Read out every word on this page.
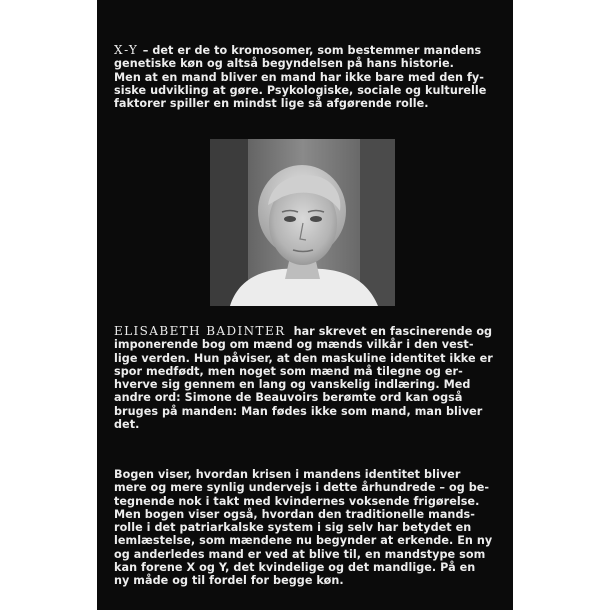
X-Y – det er de to kromosomer, som bestemmer mandens
genetiske køn og altså begyndelsen på hans historie.
Men at en mand bliver en mand har ikke bare med den fy-
siske udvikling at gøre. Psykologiske, sociale og kulturelle
faktorer spiller en mindst lige så afgørende rolle.

ELISABETH BADINTER har skrevet en fascinerende og
imponerende bog om mænd og mænds vilkår i den vest-
lige verden. Hun påviser, at den maskuline identitet ikke er
spor medfødt, men noget som mænd må tilegne og er-
hverve sig gennem en lang og vanskelig indlæring. Med
andre ord: Simone de Beauvoirs berømte ord kan også
bruges på manden: Man fødes ikke som mand, man bliver
det.

Bogen viser, hvordan krisen i mandens identitet bliver
mere og mere synlig undervejs i dette århundrede – og be-
tegnende nok i takt med kvindernes voksende frigørelse.
Men bogen viser også, hvordan den traditionelle mands-
rolle i det patriarkalske system i sig selv har betydet en
lemlæstelse, som mændene nu begynder at erkende. En ny
og anderledes mand er ved at blive til, en mandstype som
kan forene X og Y, det kvindelige og det mandlige. På en
ny måde og til fordel for begge køn.
